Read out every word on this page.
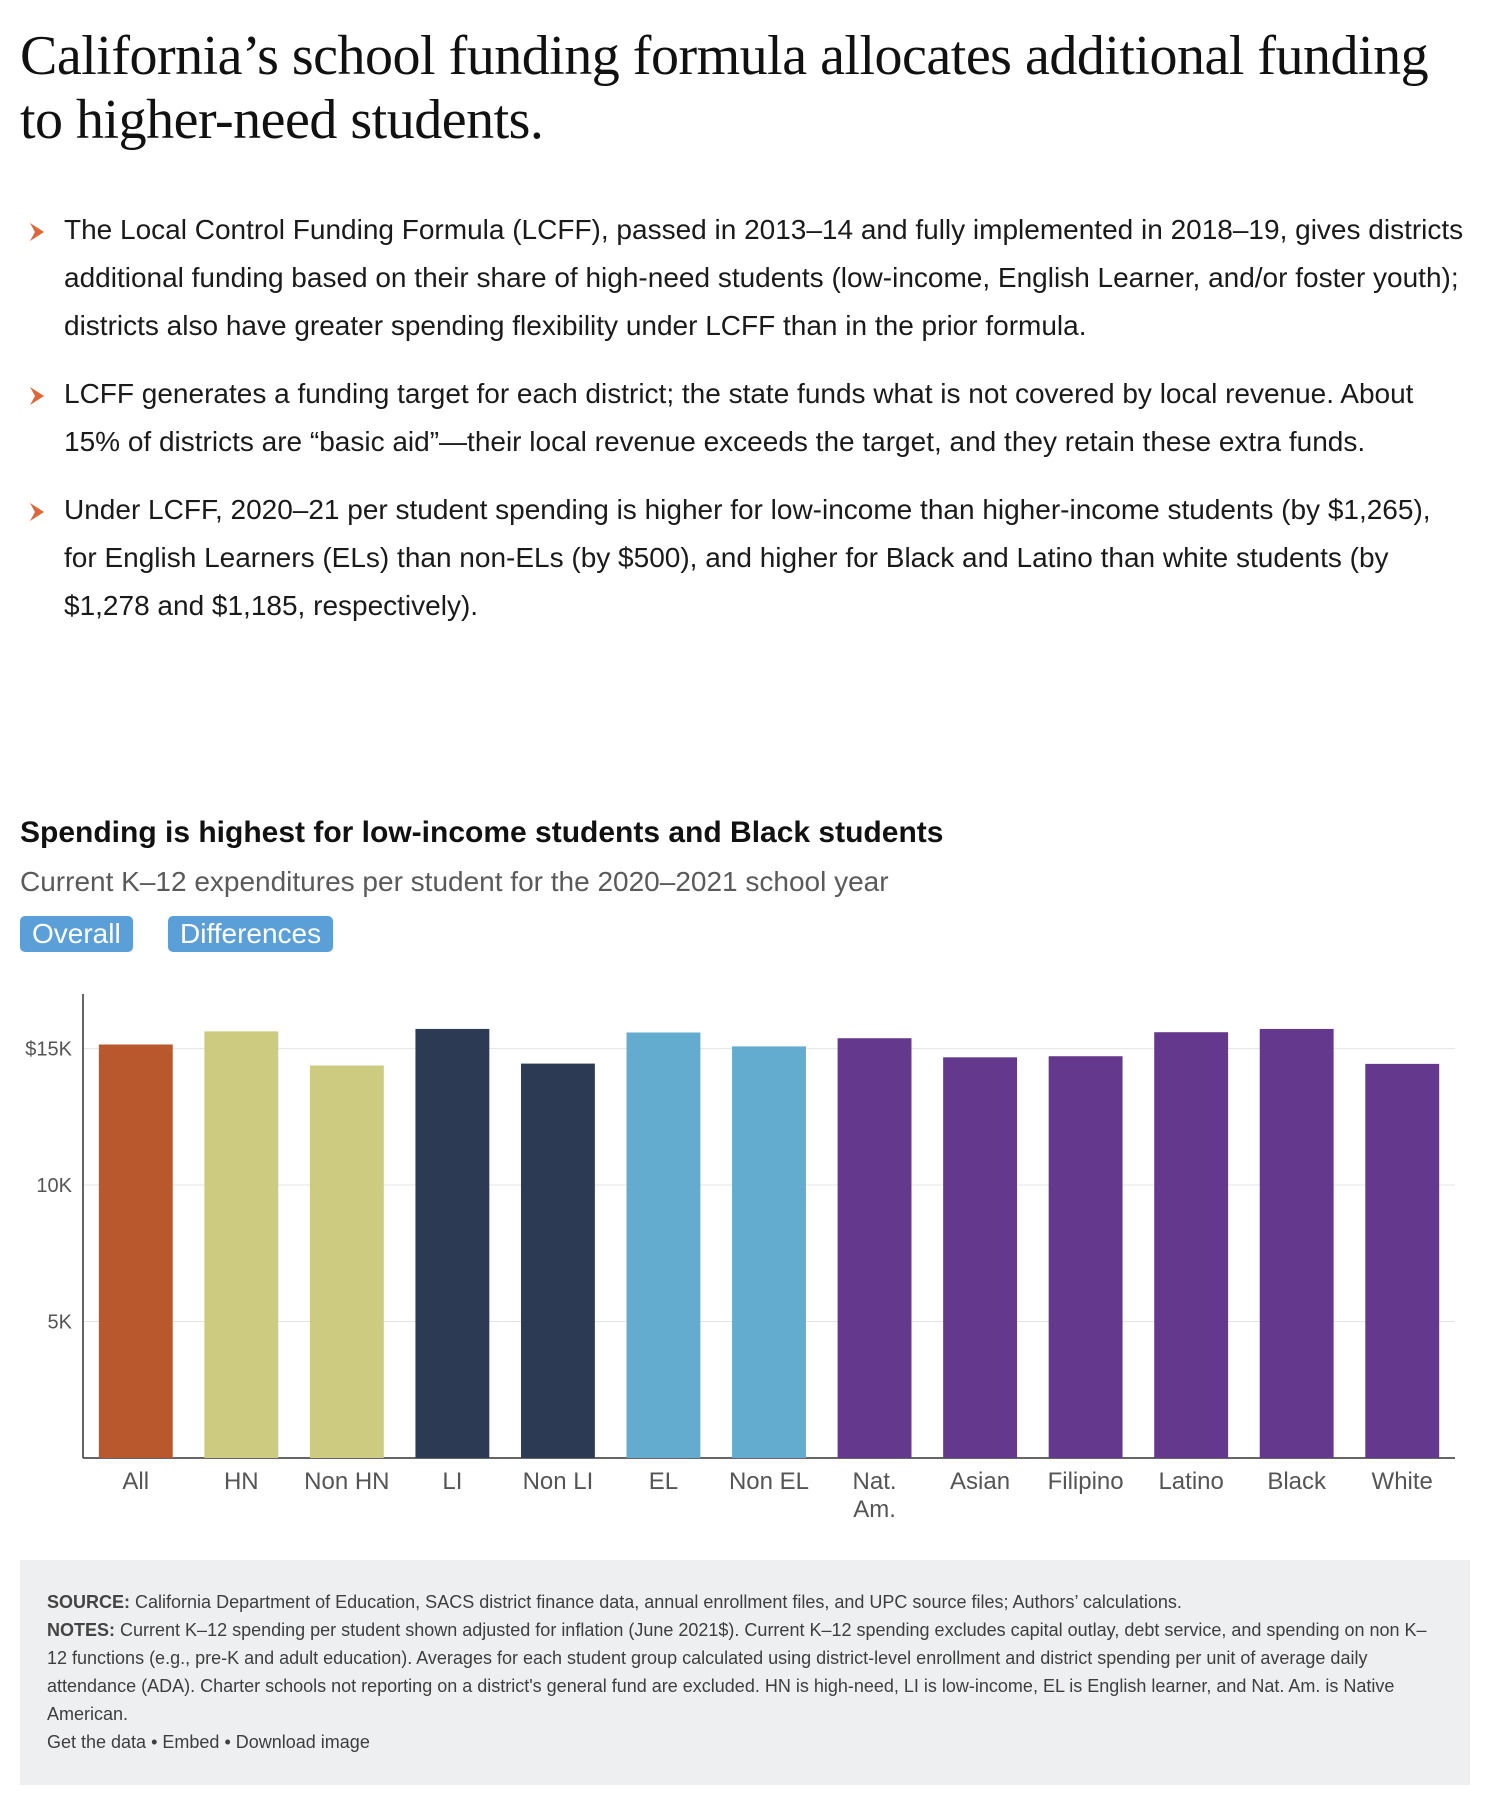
California’s school funding formula allocates additional funding to higher-need students.
The Local Control Funding Formula (LCFF), passed in 2013–14 and fully implemented in 2018–19, gives districts additional funding based on their share of high-need students (low-income, English Learner, and/or foster youth); districts also have greater spending flexibility under LCFF than in the prior formula.
LCFF generates a funding target for each district; the state funds what is not covered by local revenue. About 15% of districts are “basic aid”—their local revenue exceeds the target, and they retain these extra funds.
Under LCFF, 2020–21 per student spending is higher for low-income than higher-income students (by $1,265), for English Learners (ELs) than non-ELs (by $500), and higher for Black and Latino than white students (by $1,278 and $1,185, respectively).
Spending is highest for low-income students and Black students
Current K–12 expenditures per student for the 2020–2021 school year
Overall	Differences
5K
10K
$15K
All	HN Non HN LI	Non LI EL Non EL Nat. Am.
Asian Filipino Latino Black White
SOURCE: California Department of Education, SACS district finance data, annual enrollment files, and UPC source files; Authors’ calculations.
NOTES: Current K–12 spending per student shown adjusted for inflation (June 2021$). Current K–12 spending excludes capital outlay, debt service, and spending on non K– 12 functions (e.g., pre-K and adult education). Averages for each student group calculated using district-level enrollment and district spending per unit of average daily attendance (ADA). Charter schools not reporting on a district's general fund are excluded. HN is high-need, LI is low-income, EL is English learner, and Nat. Am. is Native American.
Get the data • Embed • Download image
